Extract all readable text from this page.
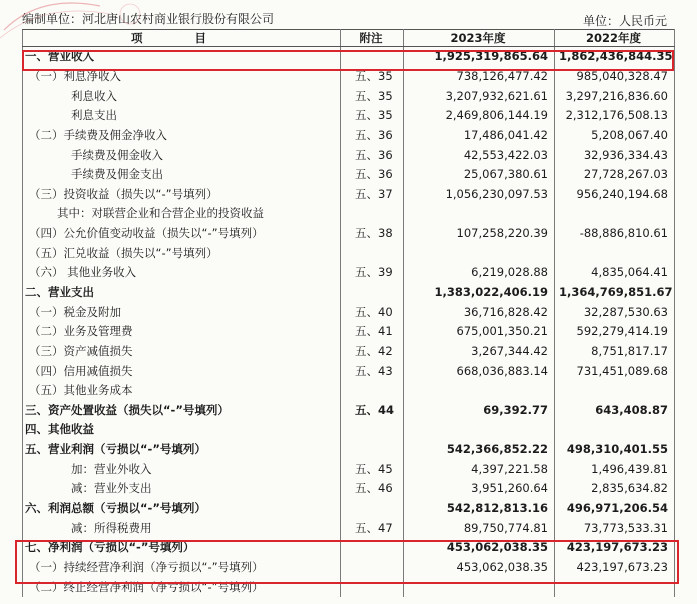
编制单位：河北唐山农村商业银行股份有限公司	单位：人民币元
项 目	附注	2023年度	2022年度
一、营业收入		1,925,319,865.64	1,862,436,844.35
（一）利息净收入	五、35	738,126,477.42	985,040,328.47
利息收入	五、35	3,207,932,621.61	3,297,216,836.60
利息支出	五、35	2,469,806,144.19	2,312,176,508.13
（二）手续费及佣金净收入	五、36	17,486,041.42	5,208,067.40
手续费及佣金收入	五、36	42,553,422.03	32,936,334.43
手续费及佣金支出	五、36	25,067,380.61	27,728,267.03
（三）投资收益（损失以“-”号填列）	五、37	1,056,230,097.53	956,240,194.68
其中：对联营企业和合营企业的投资收益			
（四）公允价值变动收益（损失以“-”号填列）	五、38	107,258,220.39	-88,886,810.61
（五）汇兑收益（损失以“-”号填列）			
（六） 其他业务收入	五、39	6,219,028.88	4,835,064.41
二、营业支出		1,383,022,406.19	1,364,769,851.67
（一）税金及附加	五、40	36,716,828.42	32,287,530.63
（二）业务及管理费	五、41	675,001,350.21	592,279,414.19
（三）资产减值损失	五、42	3,267,344.42	8,751,817.17
（四）信用减值损失	五、43	668,036,883.14	731,451,089.68
（五）其他业务成本			
三、资产处置收益（损失以“-”号填列）	五、44	69,392.77	643,408.87
四、其他收益			
五、营业利润（亏损以“-”号填列）		542,366,852.22	498,310,401.55
加：营业外收入	五、45	4,397,221.58	1,496,439.81
减：营业外支出	五、46	3,951,260.64	2,835,634.82
六、利润总额（亏损以“-”号填列）		542,812,813.16	496,971,206.54
减：所得税费用	五、47	89,750,774.81	73,773,533.31
七、净利润（亏损以“-”号填列）		453,062,038.35	423,197,673.23
（一）持续经营净利润（净亏损以“-”号填列）		453,062,038.35	423,197,673.23
（二）终止经营净利润（净亏损以“-”号填列）			
